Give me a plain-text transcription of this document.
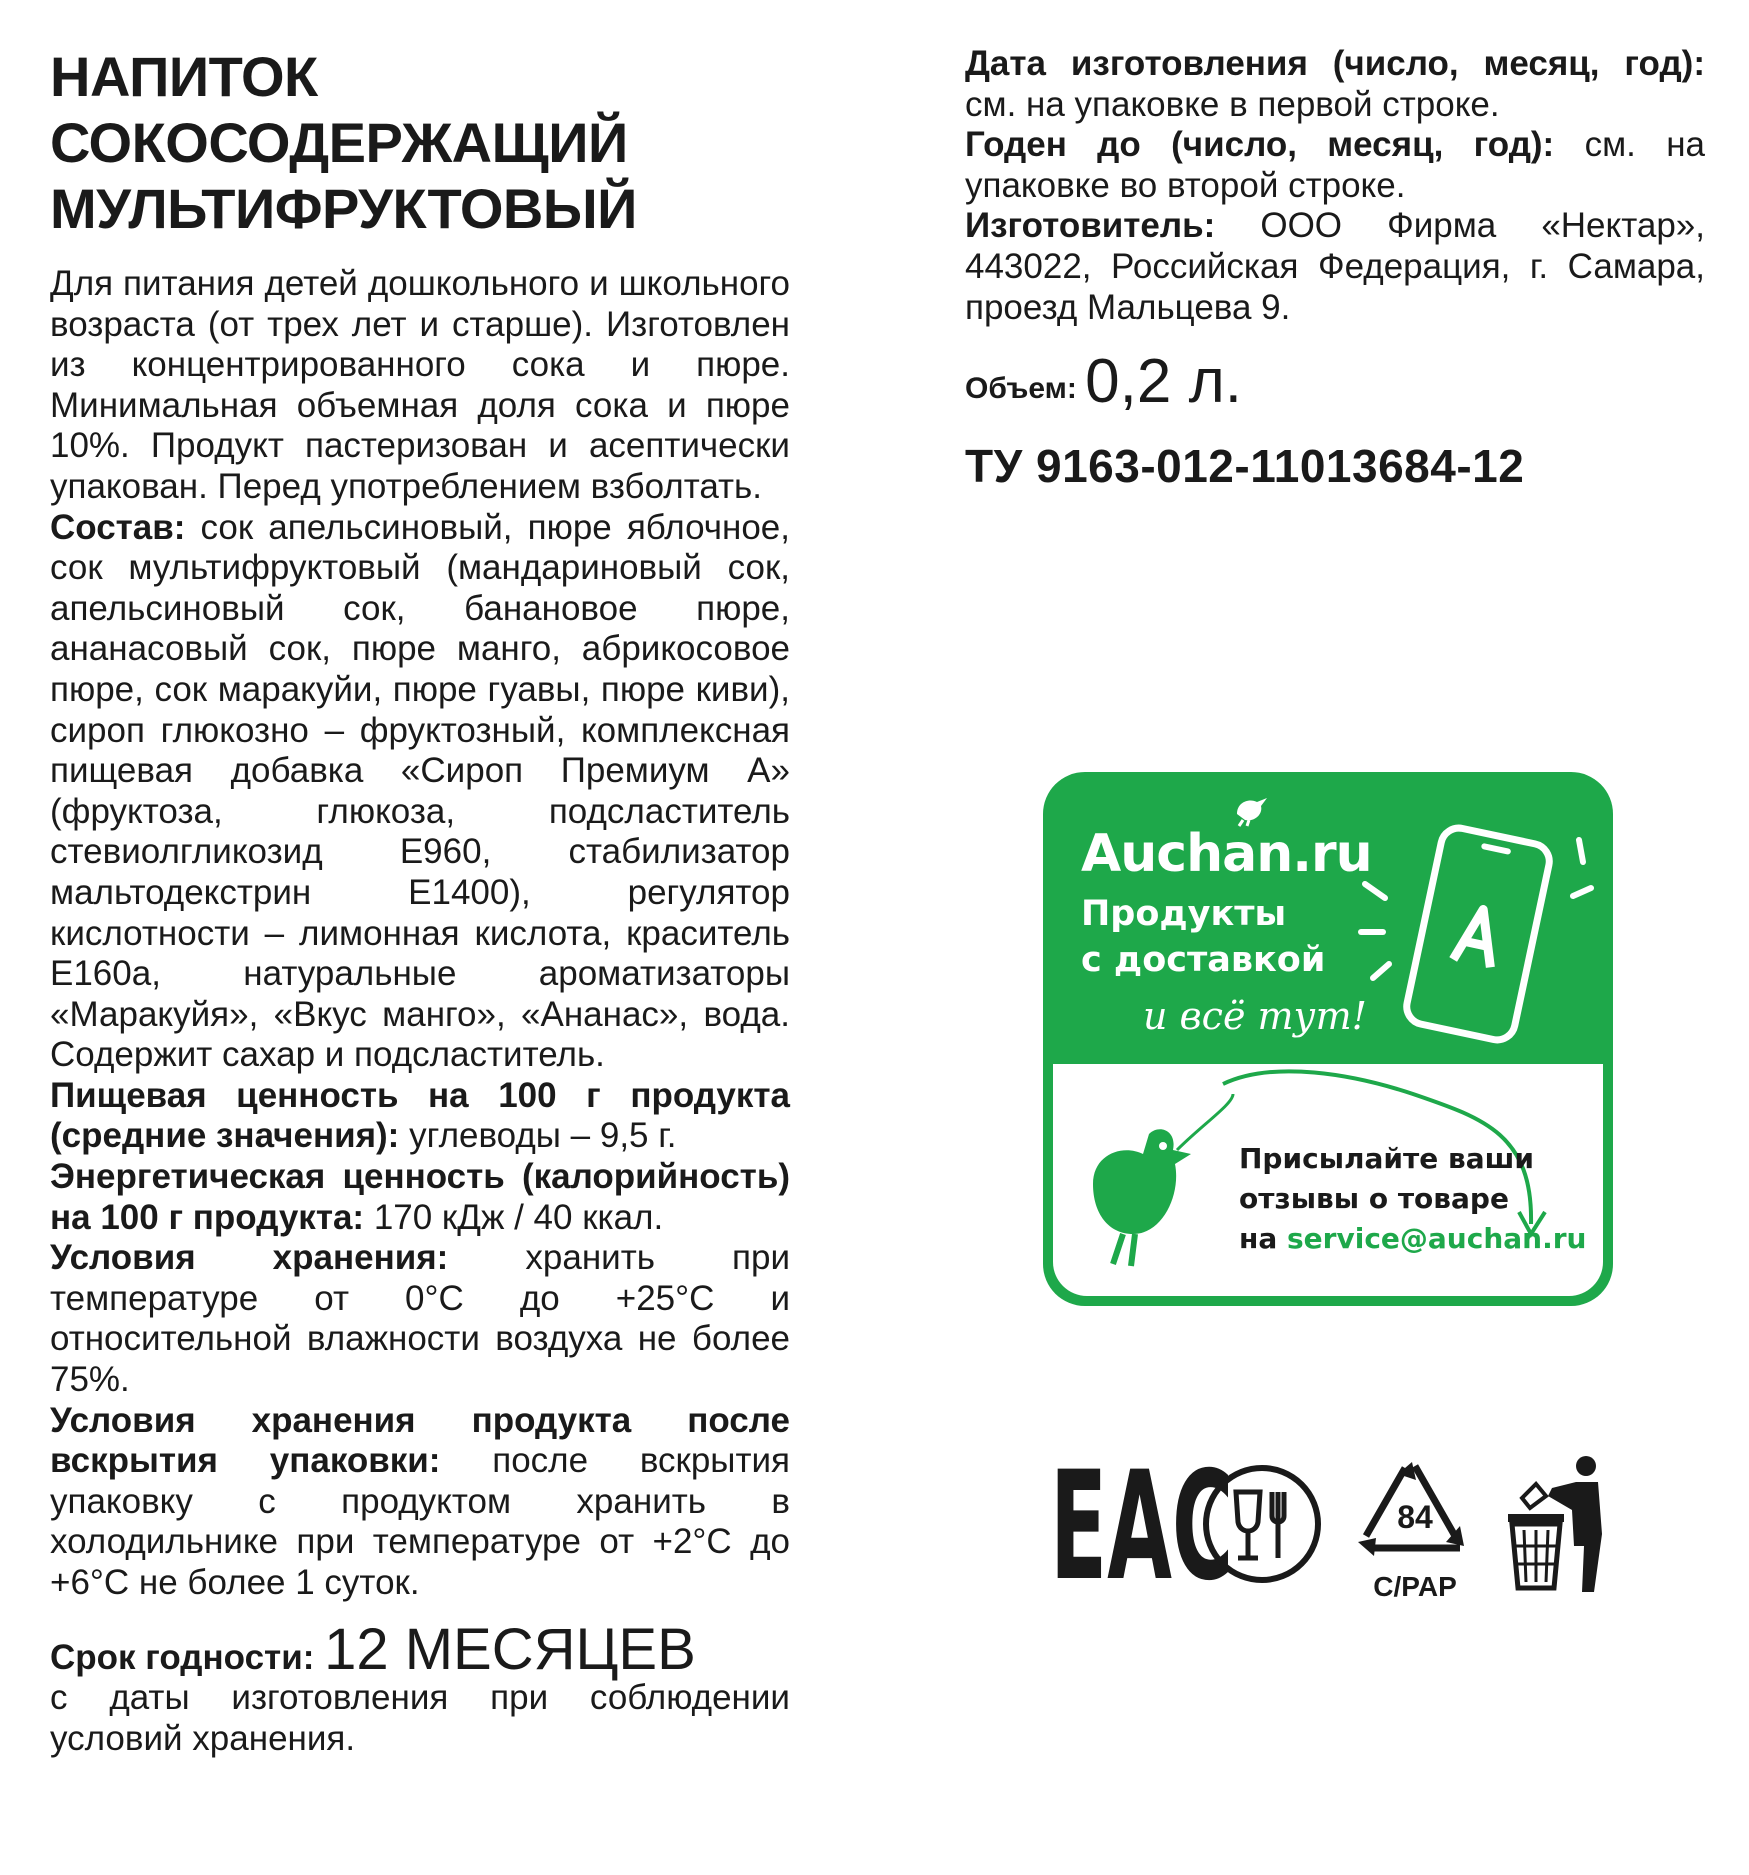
НАПИТОК
СОКОСОДЕРЖАЩИЙ
МУЛЬТИФРУКТОВЫЙ

Для питания детей дошкольного и школьного возраста (от трех лет и старше). Изготовлен из концентрированного сока и пюре. Минимальная объемная доля сока и пюре 10%. Продукт пастеризован и асептически упакован. Перед употреблением взболтать.

Состав: сок апельсиновый, пюре яблочное, сок мультифруктовый (мандариновый сок, апельсиновый сок, банановое пюре, ананасовый сок, пюре манго, абрикосовое пюре, сок маракуйи, пюре гуавы, пюре киви), сироп глюкозно – фруктозный, комплексная пищевая добавка «Сироп Премиум А» (фруктоза, глюкоза, подсластитель стевиолгликозид Е960, стабилизатор мальтодекстрин Е1400), регулятор кислотности – лимонная кислота, краситель Е160а, натуральные ароматизаторы «Маракуйя», «Вкус манго», «Ананас», вода. Содержит сахар и подсластитель.

Пищевая ценность на 100 г продукта (средние значения): углеводы – 9,5 г.

Энергетическая ценность (калорийность) на 100 г продукта: 170 кДж / 40 ккал.

Условия хранения: хранить при температуре от 0°С до +25°С и относительной влажности воздуха не более 75%.

Условия хранения продукта после вскрытия упаковки: после вскрытия упаковку с продуктом хранить в холодильнике при температуре от +2°С до +6°С не более 1 суток.

Срок годности: 12 МЕСЯЦЕВ
с даты изготовления при соблюдении условий хранения.

Дата изготовления (число, месяц, год): см. на упаковке в первой строке.

Годен до (число, месяц, год): см. на упаковке во второй строке.

Изготовитель: ООО Фирма «Нектар», 443022, Российская Федерация, г. Самара, проезд Мальцева 9.

Объем: 0,2 л.
ТУ 9163-012-11013684-12
Auchan.ru
Продукты
с доставкой
и всё тут!
Присылайте ваши
отзывы о товаре
на service@auchan.ru
ЕАС	84
C/PAP
